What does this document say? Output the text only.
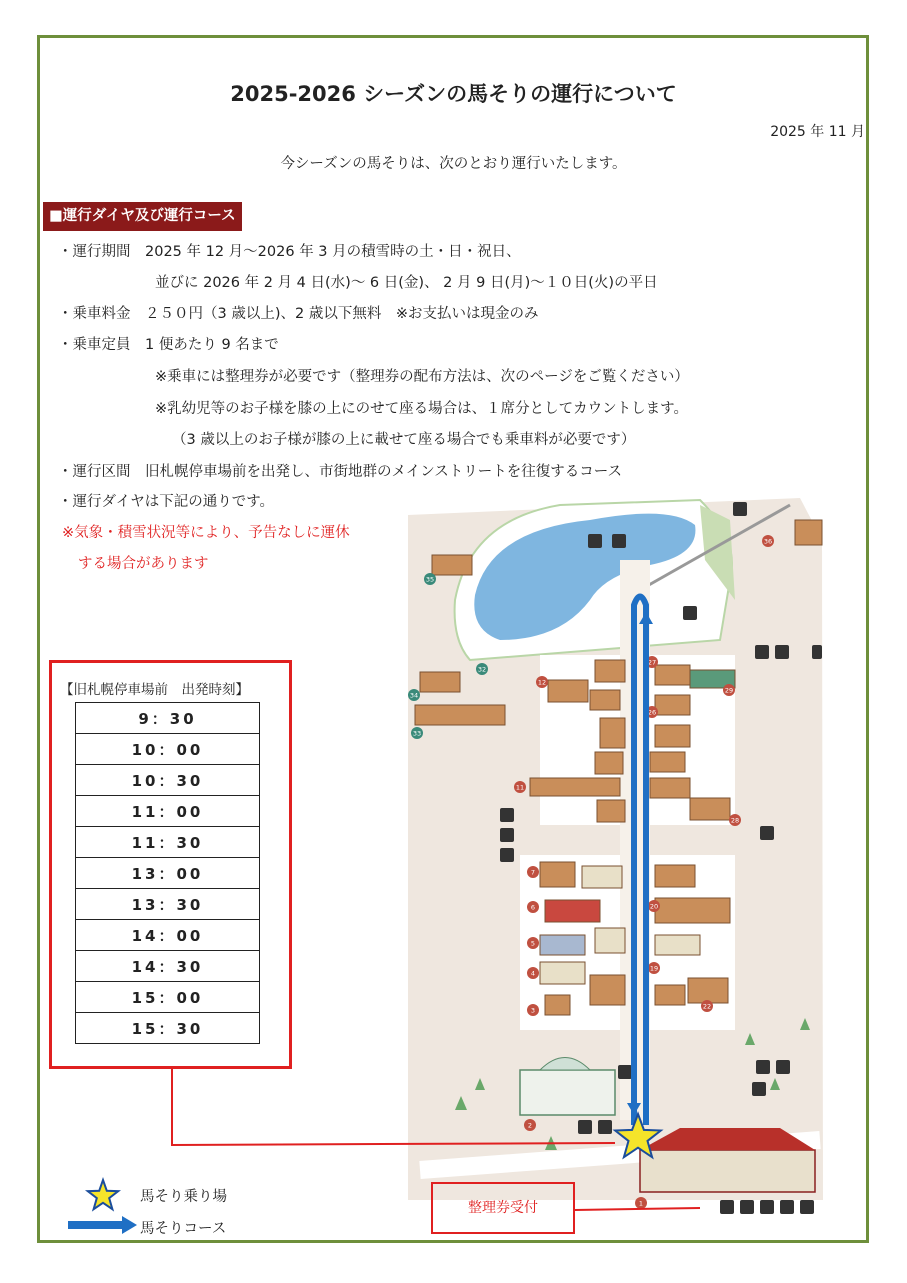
2025-2026 シーズンの馬そりの運行について
2025 年 11 月
今シーズンの馬そりは、次のとおり運行いたします。
■運行ダイヤ及び運行コース
・運行期間　2025 年 12 月～2026 年 3 月の積雪時の土・日・祝日、
並びに 2026 年 2 月 4 日(水)～ 6 日(金)、 2 月 9 日(月)～１０日(火)の平日
・乗車料金　２５０円（3 歳以上)、2 歳以下無料　※お支払いは現金のみ
・乗車定員　1 便あたり 9 名まで
※乗車には整理券が必要です（整理券の配布方法は、次のページをご覧ください）
※乳幼児等のお子様を膝の上にのせて座る場合は、１席分としてカウントします。
（3 歳以上のお子様が膝の上に載せて座る場合でも乗車料が必要です）
・運行区間　旧札幌停車場前を出発し、市街地群のメインストリートを往復するコース
・運行ダイヤは下記の通りです。
※気象・積雪状況等により、予告なしに運休
する場合があります
35
32
34
33
12
11
7
6
5
4
3
27
26
29
28
20
19
22
36
2
1
【旧札幌停車場前　出発時刻】
9：30
10：00
10：30
11：00
11：30
13：00
13：30
14：00
14：30
15：00
15：30
馬そり乗り場
馬そりコース
整理券受付
